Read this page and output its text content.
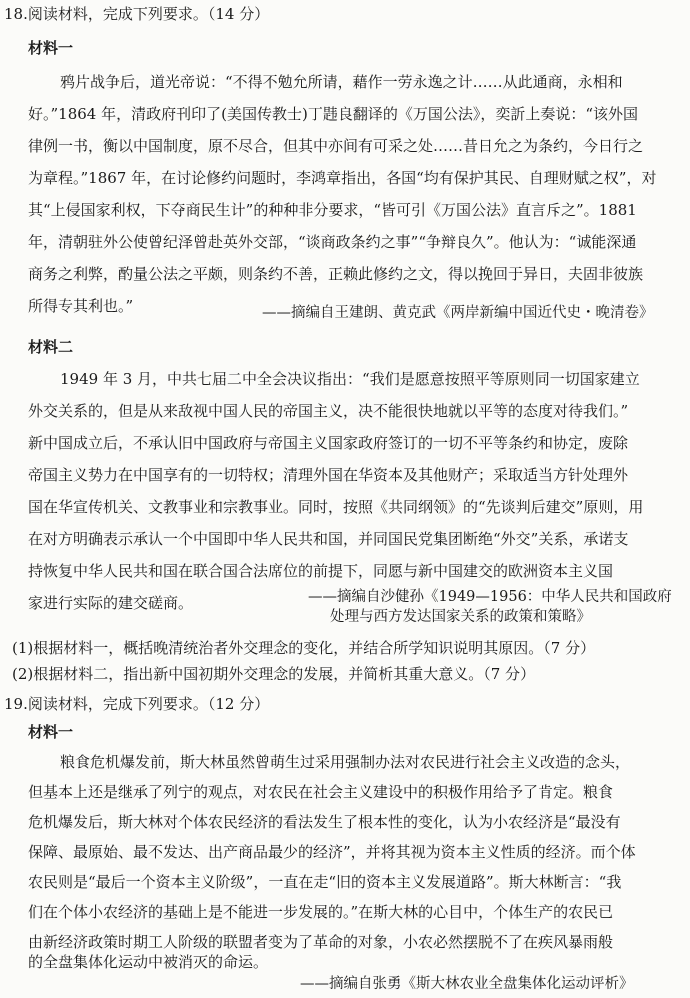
18.阅读材料，完成下列要求。（14 分）

材料一

鸦片战争后，道光帝说：“不得不勉允所请，藉作一劳永逸之计……从此通商，永相和

好。”1864 年，清政府刊印了(美国传教士)丁韪良翻译的《万国公法》，奕訢上奏说：“该外国

律例一书，衡以中国制度，原不尽合，但其中亦间有可采之处……昔日允之为条约，今日行之

为章程。”1867 年，在讨论修约问题时，李鸿章指出，各国“均有保护其民、自理财赋之权”，对

其“上侵国家利权，下夺商民生计”的种种非分要求，“皆可引《万国公法》直言斥之”。1881

年，清朝驻外公使曾纪泽曾赴英外交部，“谈商政条约之事”“争辩良久”。他认为：“诚能深通

商务之利弊，酌量公法之平颇，则条约不善，正赖此修约之文，得以挽回于异日，夫固非彼族

所得专其利也。”	——摘编自王建朗、黄克武《两岸新编中国近代史・晚清卷》

材料二

1949 年 3 月，中共七届二中全会决议指出：“我们是愿意按照平等原则同一切国家建立

外交关系的，但是从来敌视中国人民的帝国主义，决不能很快地就以平等的态度对待我们。”

新中国成立后，不承认旧中国政府与帝国主义国家政府签订的一切不平等条约和协定，废除

帝国主义势力在中国享有的一切特权；清理外国在华资本及其他财产；采取适当方针处理外

国在华宣传机关、文教事业和宗教事业。同时，按照《共同纲领》的“先谈判后建交”原则，用

在对方明确表示承认一个中国即中华人民共和国，并同国民党集团断绝“外交”关系，承诺支

持恢复中华人民共和国在联合国合法席位的前提下，同愿与新中国建交的欧洲资本主义国

家进行实际的建交磋商。	——摘编自沙健孙《1949—1956：中华人民共和国政府

处理与西方发达国家关系的政策和策略》

(1)根据材料一，概括晚清统治者外交理念的变化，并结合所学知识说明其原因。（7 分）

(2)根据材料二，指出新中国初期外交理念的发展，并简析其重大意义。（7 分）

19.阅读材料，完成下列要求。（12 分）

材料一

粮食危机爆发前，斯大林虽然曾萌生过采用强制办法对农民进行社会主义改造的念头，

但基本上还是继承了列宁的观点，对农民在社会主义建设中的积极作用给予了肯定。粮食

危机爆发后，斯大林对个体农民经济的看法发生了根本性的变化，认为小农经济是“最没有

保障、最原始、最不发达、出产商品最少的经济”，并将其视为资本主义性质的经济。而个体

农民则是“最后一个资本主义阶级”，一直在走“旧的资本主义发展道路”。斯大林断言：“我

们在个体小农经济的基础上是不能进一步发展的。”在斯大林的心目中，个体生产的农民已

由新经济政策时期工人阶级的联盟者变为了革命的对象，小农必然摆脱不了在疾风暴雨般

的全盘集体化运动中被消灭的命运。

——摘编自张勇《斯大林农业全盘集体化运动评析》
